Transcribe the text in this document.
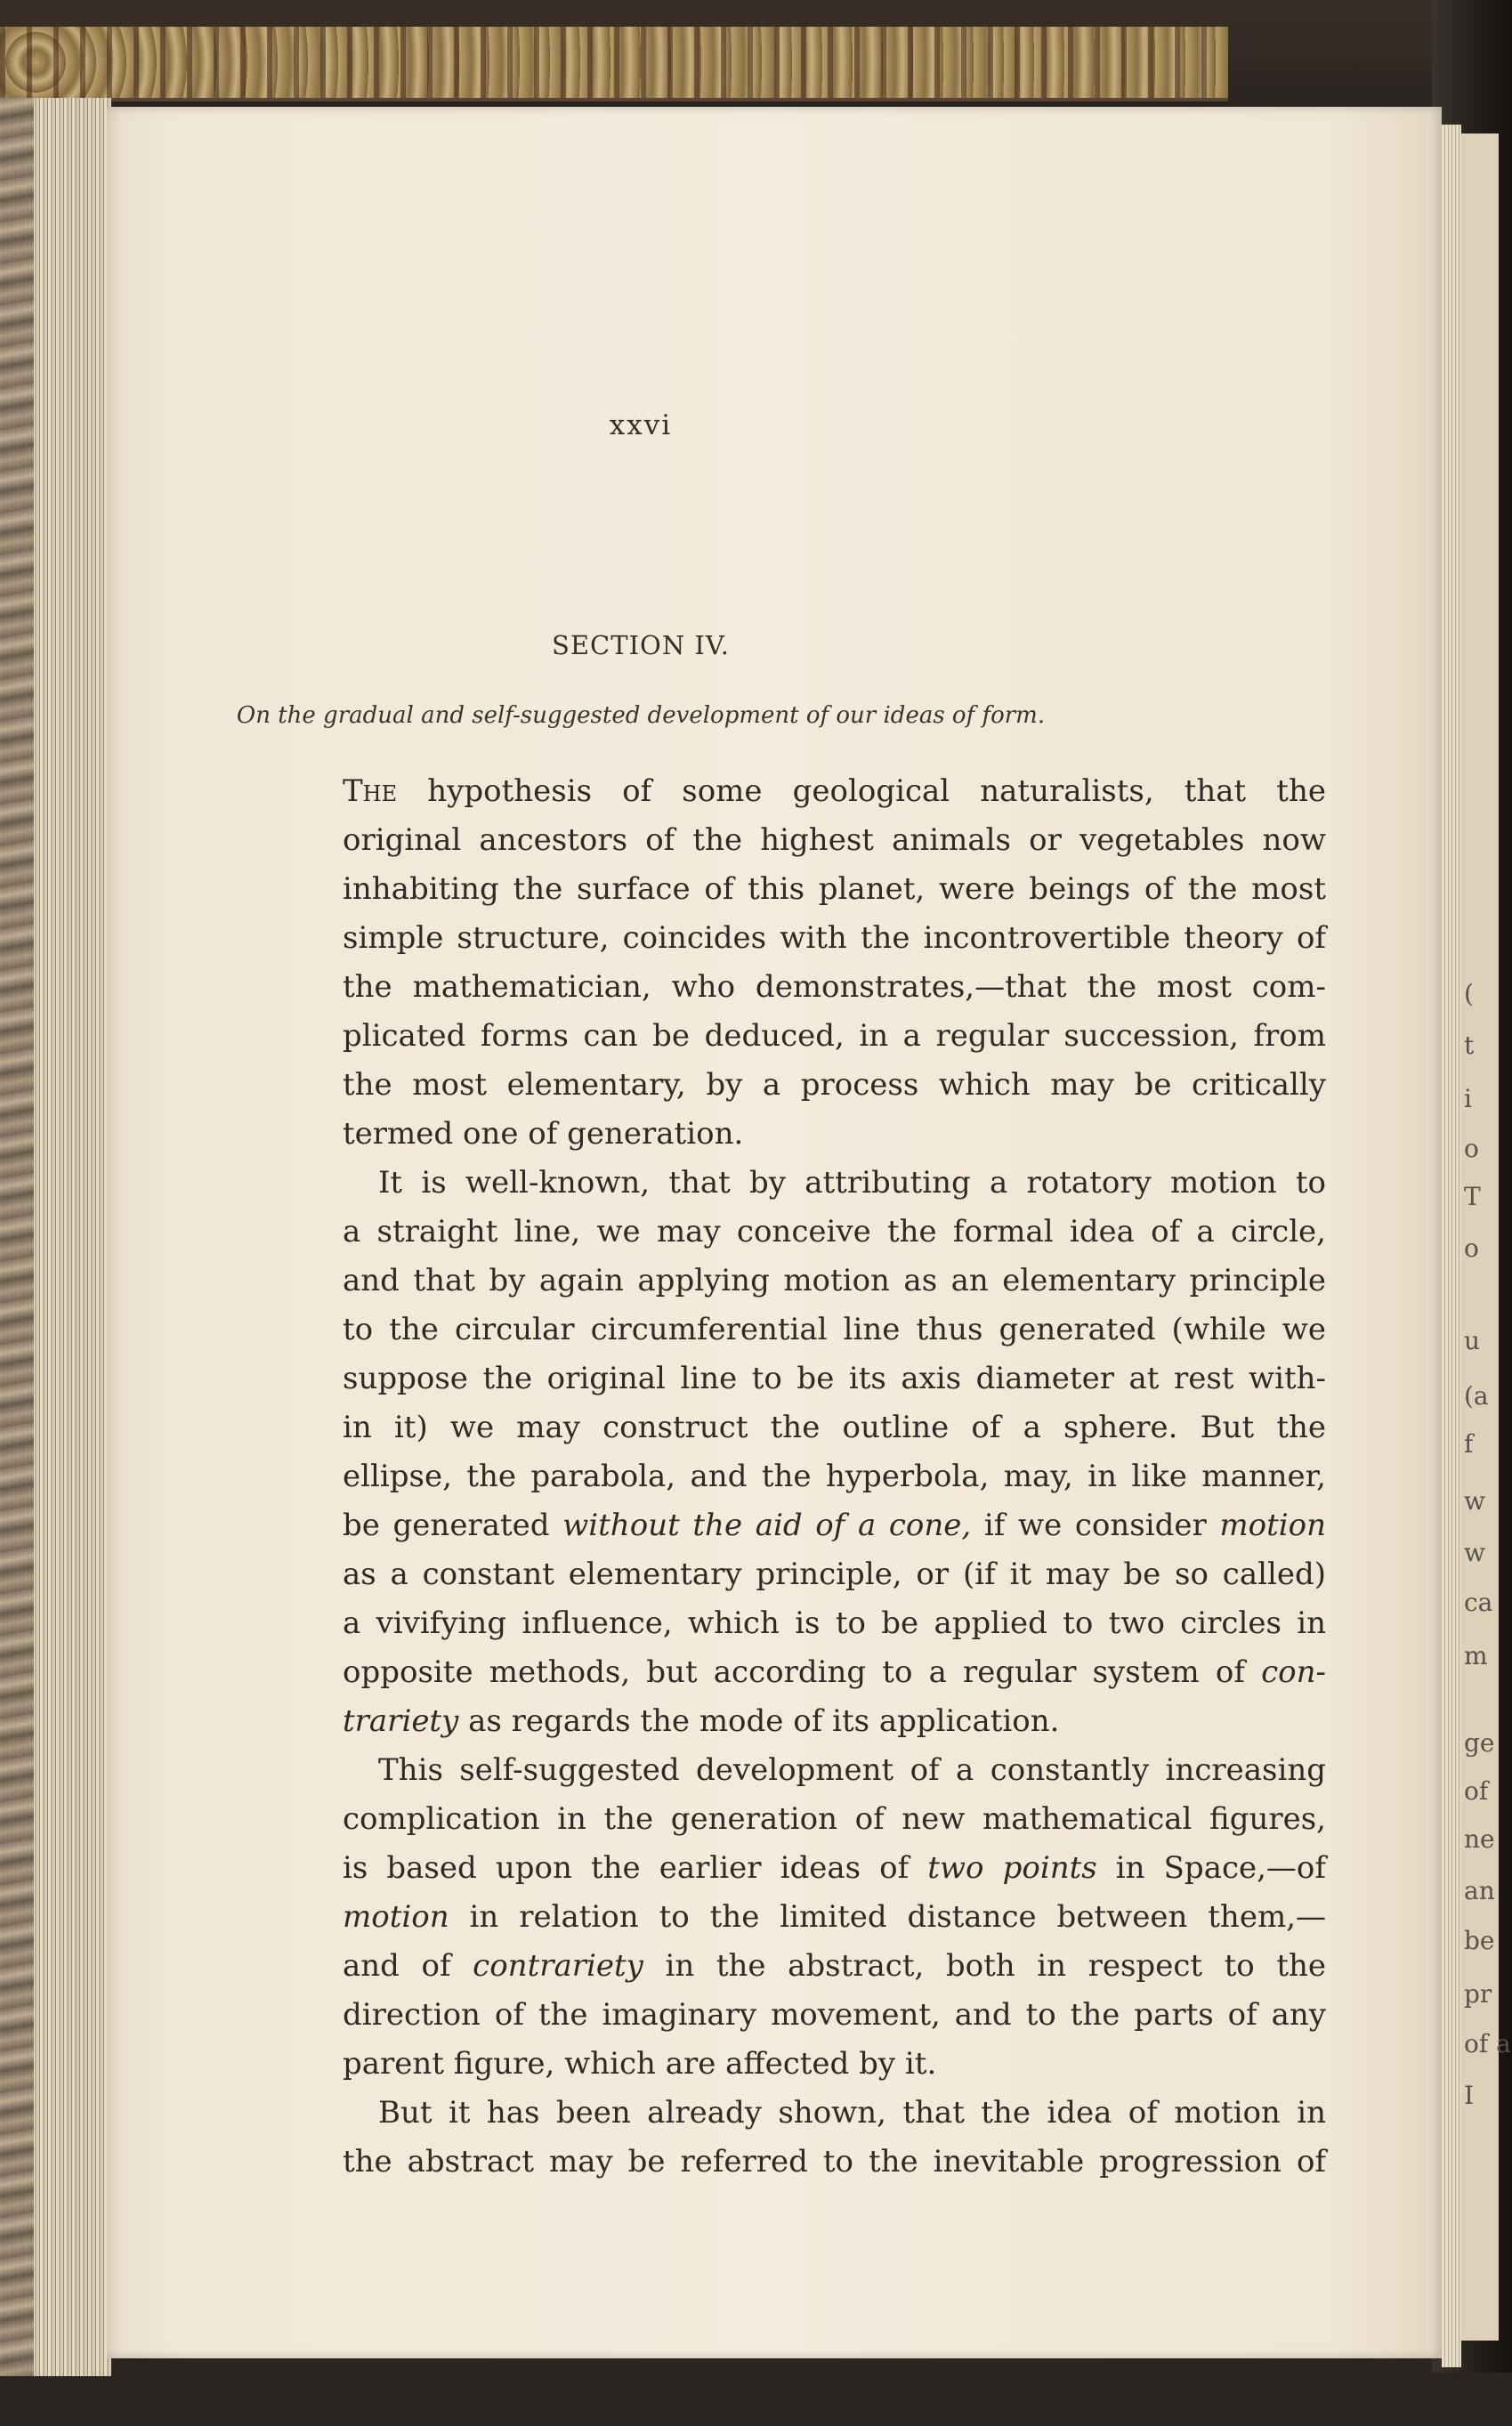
xxvi
SECTION IV.
On the gradual and self-suggested development of our ideas of form.
The hypothesis of some geological naturalists, that the
original ancestors of the highest animals or vegetables now
inhabiting the surface of this planet, were beings of the most
simple structure, coincides with the incontrovertible theory of
the mathematician, who demonstrates,—that the most com-
plicated forms can be deduced, in a regular succession, from
the most elementary, by a process which may be critically
termed one of generation.
It is well-known, that by attributing a rotatory motion to
a straight line, we may conceive the formal idea of a circle,
and that by again applying motion as an elementary principle
to the circular circumferential line thus generated (while we
suppose the original line to be its axis diameter at rest with-
in it) we may construct the outline of a sphere. But the
ellipse, the parabola, and the hyperbola, may, in like manner,
be generated without the aid of a cone, if we consider motion
as a constant elementary principle, or (if it may be so called)
a vivifying influence, which is to be applied to two circles in
opposite methods, but according to a regular system of con-
trariety as regards the mode of its application.
This self-suggested development of a constantly increasing
complication in the generation of new mathematical figures,
is based upon the earlier ideas of two points in Space,—of
motion in relation to the limited distance between them,—
and of contrariety in the abstract, both in respect to the
direction of the imaginary movement, and to the parts of any
parent figure, which are affected by it.
But it has been already shown, that the idea of motion in
the abstract may be referred to the inevitable progression of
(
t
i
o
T
o
u
(a
f
w
w
ca
m
ge
of
ne
an
be
pr
of a
I
